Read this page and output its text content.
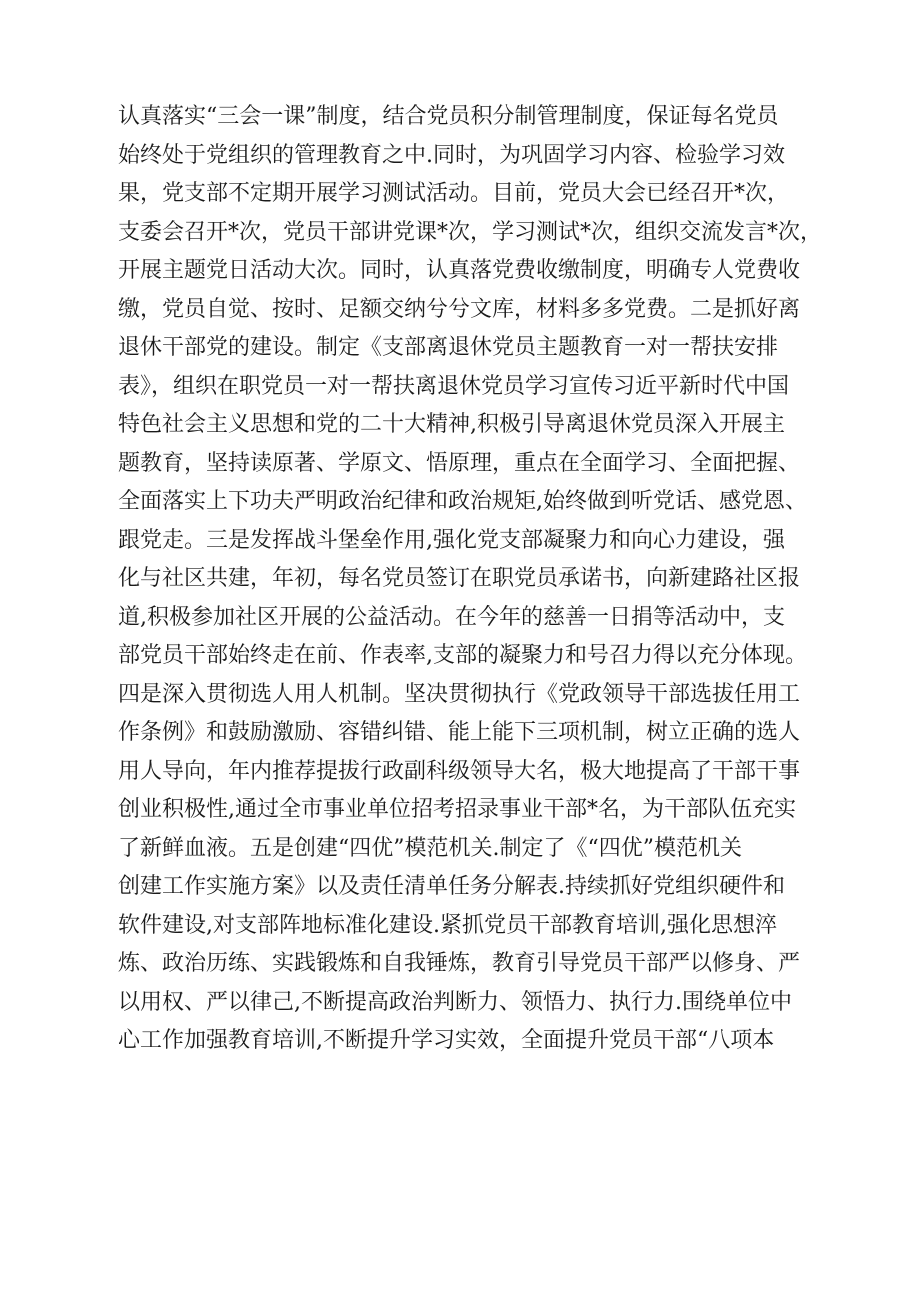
认真落实“三会一课”制度，结合党员积分制管理制度，保证每名党员
始终处于党组织的管理教育之中.同时，为巩固学习内容、检验学习效
果，党支部不定期开展学习测试活动。目前，党员大会已经召开*次，
支委会召开*次，党员干部讲党课*次，学习测试*次，组织交流发言*次，
开展主题党日活动大次。同时，认真落党费收缴制度，明确专人党费收
缴，党员自觉、按时、足额交纳兮兮文库，材料多多党费。二是抓好离
退休干部党的建设。制定《支部离退休党员主题教育一对一帮扶安排
表》，组织在职党员一对一帮扶离退休党员学习宣传习近平新时代中国
特色社会主义思想和党的二十大精神,积极引导离退休党员深入开展主
题教育，坚持读原著、学原文、悟原理，重点在全面学习、全面把握、
全面落实上下功夫严明政治纪律和政治规矩,始终做到听党话、感党恩、
跟党走。三是发挥战斗堡垒作用,强化党支部凝聚力和向心力建设，强
化与社区共建，年初，每名党员签订在职党员承诺书，向新建路社区报
道,积极参加社区开展的公益活动。在今年的慈善一日捐等活动中，支
部党员干部始终走在前、作表率,支部的凝聚力和号召力得以充分体现。
四是深入贯彻选人用人机制。坚决贯彻执行《党政领导干部选拔任用工
作条例》和鼓励激励、容错纠错、能上能下三项机制，树立正确的选人
用人导向，年内推荐提拔行政副科级领导大名，极大地提高了干部干事
创业积极性,通过全市事业单位招考招录事业干部*名，为干部队伍充实
了新鲜血液。五是创建“四优”模范机关.制定了《“四优”模范机关
创建工作实施方案》以及责任清单任务分解表.持续抓好党组织硬件和
软件建设,对支部阵地标准化建设.紧抓党员干部教育培训,强化思想淬
炼、政治历练、实践锻炼和自我锤炼，教育引导党员干部严以修身、严
以用权、严以律己,不断提高政治判断力、领悟力、执行力.围绕单位中
心工作加强教育培训,不断提升学习实效，全面提升党员干部“八项本
